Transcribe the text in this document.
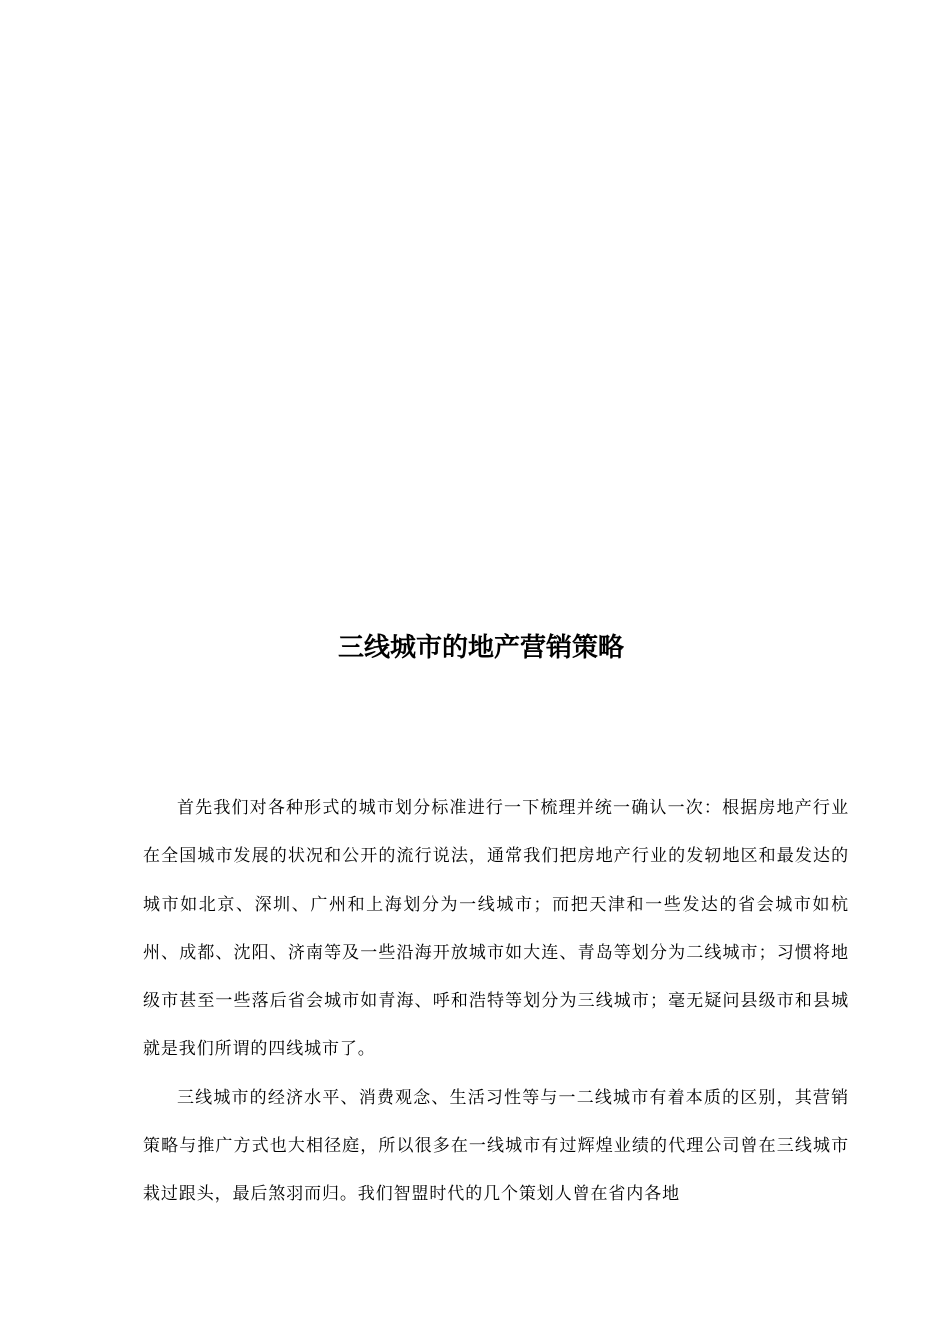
三线城市的地产营销策略

首先我们对各种形式的城市划分标准进行一下梳理并统一确认一次：根据房地产行业在全国城市发展的状况和公开的流行说法，通常我们把房地产行业的发轫地区和最发达的城市如北京、深圳、广州和上海划分为一线城市；而把天津和一些发达的省会城市如杭州、成都、沈阳、济南等及一些沿海开放城市如大连、青岛等划分为二线城市；习惯将地级市甚至一些落后省会城市如青海、呼和浩特等划分为三线城市；毫无疑问县级市和县城就是我们所谓的四线城市了。

三线城市的经济水平、消费观念、生活习性等与一二线城市有着本质的区别，其营销策略与推广方式也大相径庭，所以很多在一线城市有过辉煌业绩的代理公司曾在三线城市栽过跟头，最后煞羽而归。我们智盟时代的几个策划人曾在省内各地
